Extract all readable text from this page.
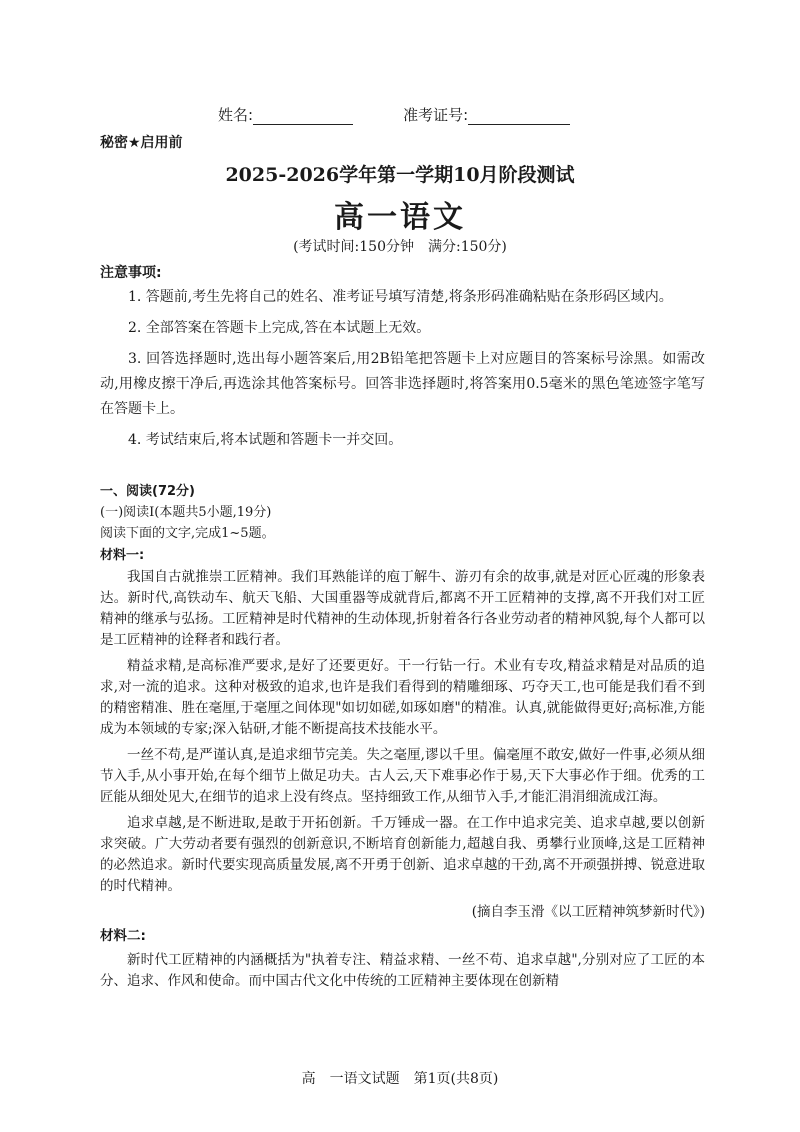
姓名:	准考证号:
秘密★启用前
2025-2026学年第一学期10月阶段测试
高一语文
(考试时间:150分钟　满分:150分)
注意事项:

1. 答题前,考生先将自己的姓名、准考证号填写清楚,将条形码准确粘贴在条形码区域内。

2. 全部答案在答题卡上完成,答在本试题上无效。

3. 回答选择题时,选出每小题答案后,用2B铅笔把答题卡上对应题目的答案标号涂黑。如需改动,用橡皮擦干净后,再选涂其他答案标号。回答非选择题时,将答案用0.5毫米的黑色笔迹签字笔写在答题卡上。

4. 考试结束后,将本试题和答题卡一并交回。

一、阅读(72分)
(一)阅读Ⅰ(本题共5小题,19分)
阅读下面的文字,完成1~5题。
材料一:

我国自古就推崇工匠精神。我们耳熟能详的庖丁解牛、游刃有余的故事,就是对匠心匠魂的形象表达。新时代,高铁动车、航天飞船、大国重器等成就背后,都离不开工匠精神的支撑,离不开我们对工匠精神的继承与弘扬。工匠精神是时代精神的生动体现,折射着各行各业劳动者的精神风貌,每个人都可以是工匠精神的诠释者和践行者。

精益求精,是高标准严要求,是好了还要更好。干一行钻一行。术业有专攻,精益求精是对品质的追求,对一流的追求。这种对极致的追求,也许是我们看得到的精雕细琢、巧夺天工,也可能是我们看不到的精密精准、胜在毫厘,于毫厘之间体现"如切如磋,如琢如磨"的精准。认真,就能做得更好;高标准,方能成为本领域的专家;深入钻研,才能不断提高技术技能水平。

一丝不苟,是严谨认真,是追求细节完美。失之毫厘,谬以千里。偏毫厘不敢安,做好一件事,必须从细节入手,从小事开始,在每个细节上做足功夫。古人云,天下难事必作于易,天下大事必作于细。优秀的工匠能从细处见大,在细节的追求上没有终点。坚持细致工作,从细节入手,才能汇涓涓细流成江海。

追求卓越,是不断进取,是敢于开拓创新。千万锤成一器。在工作中追求完美、追求卓越,要以创新求突破。广大劳动者要有强烈的创新意识,不断培育创新能力,超越自我、勇攀行业顶峰,这是工匠精神的必然追求。新时代要实现高质量发展,离不开勇于创新、追求卓越的干劲,离不开顽强拼搏、锐意进取的时代精神。

(摘自李玉滑《以工匠精神筑梦新时代》)
材料二:

新时代工匠精神的内涵概括为"执着专注、精益求精、一丝不苟、追求卓越",分别对应了工匠的本分、追求、作风和使命。而中国古代文化中传统的工匠精神主要体现在创新精

高　一语文试题　第1页(共8页)
